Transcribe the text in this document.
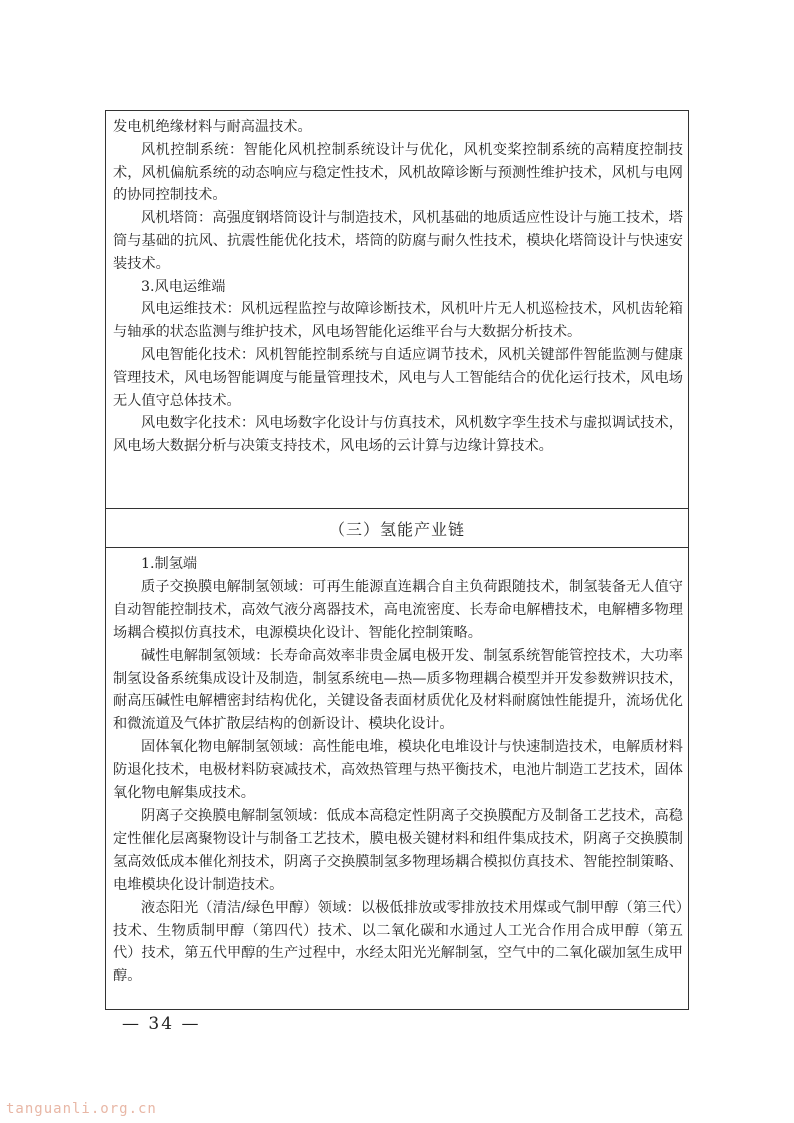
发电机绝缘材料与耐高温技术。

风机控制系统：智能化风机控制系统设计与优化，风机变桨控制系统的高精度控制技术，风机偏航系统的动态响应与稳定性技术，风机故障诊断与预测性维护技术，风机与电网的协同控制技术。

风机塔筒：高强度钢塔筒设计与制造技术，风机基础的地质适应性设计与施工技术，塔筒与基础的抗风、抗震性能优化技术，塔筒的防腐与耐久性技术，模块化塔筒设计与快速安装技术。

3.风电运维端

风电运维技术：风机远程监控与故障诊断技术，风机叶片无人机巡检技术，风机齿轮箱与轴承的状态监测与维护技术，风电场智能化运维平台与大数据分析技术。

风电智能化技术：风机智能控制系统与自适应调节技术，风机关键部件智能监测与健康管理技术，风电场智能调度与能量管理技术，风电与人工智能结合的优化运行技术，风电场无人值守总体技术。

风电数字化技术：风电场数字化设计与仿真技术，风机数字孪生技术与虚拟调试技术，风电场大数据分析与决策支持技术，风电场的云计算与边缘计算技术。

（三）氢能产业链

1.制氢端

质子交换膜电解制氢领域：可再生能源直连耦合自主负荷跟随技术，制氢装备无人值守自动智能控制技术，高效气液分离器技术，高电流密度、长寿命电解槽技术，电解槽多物理场耦合模拟仿真技术，电源模块化设计、智能化控制策略。

碱性电解制氢领域：长寿命高效率非贵金属电极开发、制氢系统智能管控技术，大功率制氢设备系统集成设计及制造，制氢系统电—热—质多物理耦合模型并开发参数辨识技术，耐高压碱性电解槽密封结构优化，关键设备表面材质优化及材料耐腐蚀性能提升，流场优化和微流道及气体扩散层结构的创新设计、模块化设计。

固体氧化物电解制氢领域：高性能电堆，模块化电堆设计与快速制造技术，电解质材料防退化技术，电极材料防衰减技术，高效热管理与热平衡技术，电池片制造工艺技术，固体氧化物电解集成技术。

阴离子交换膜电解制氢领域：低成本高稳定性阴离子交换膜配方及制备工艺技术，高稳定性催化层离聚物设计与制备工艺技术，膜电极关键材料和组件集成技术，阴离子交换膜制氢高效低成本催化剂技术，阴离子交换膜制氢多物理场耦合模拟仿真技术、智能控制策略、电堆模块化设计制造技术。

液态阳光（清洁/绿色甲醇）领域：以极低排放或零排放技术用煤或气制甲醇（第三代）技术、生物质制甲醇（第四代）技术、以二氧化碳和水通过人工光合作用合成甲醇（第五代）技术，第五代甲醇的生产过程中，水经太阳光光解制氢，空气中的二氧化碳加氢生成甲醇。

— 34 —
tanguanli.org.cn
